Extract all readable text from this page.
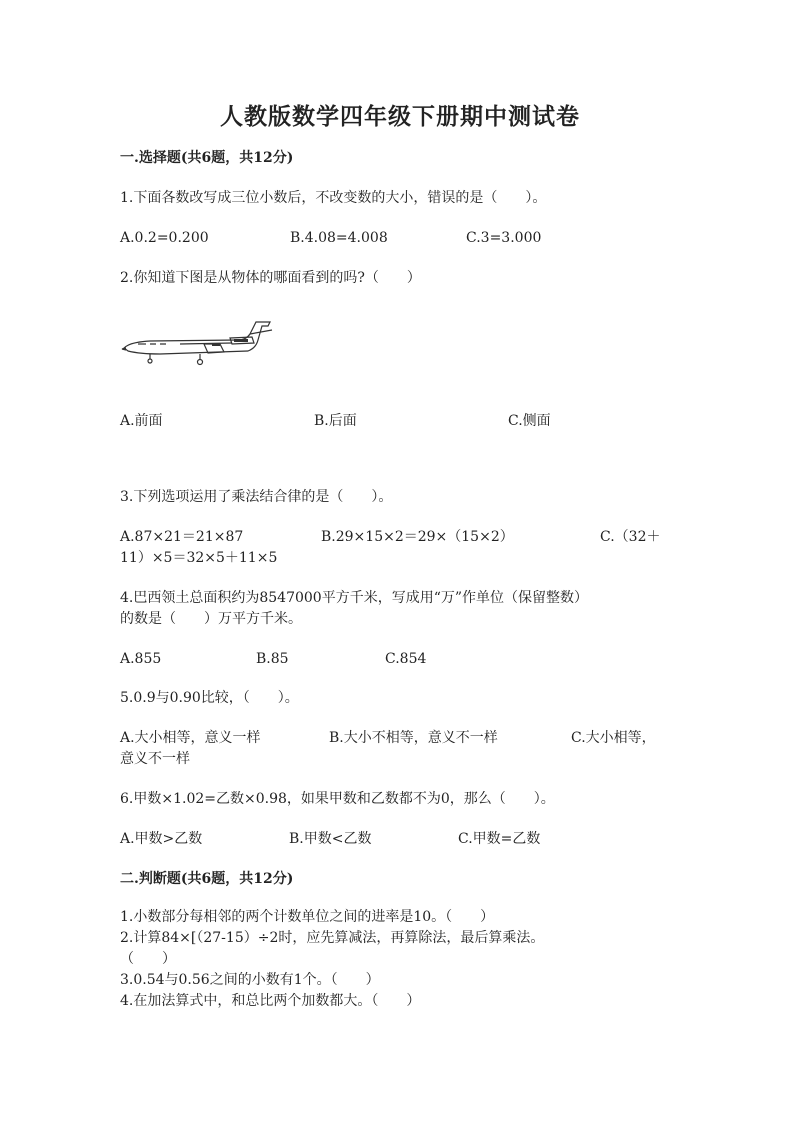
人教版数学四年级下册期中测试卷
一.选择题(共6题，共12分)
1.下面各数改写成三位小数后，不改变数的大小，错误的是（　　）。
A.0.2=0.200	B.4.08=4.008	C.3=3.000
2.你知道下图是从物体的哪面看到的吗?（　　）
A.前面	B.后面	C.侧面
3.下列选项运用了乘法结合律的是（　　）。
A.87×21＝21×87	B.29×15×2＝29×（15×2）	C.（32＋
11）×5＝32×5＋11×5
4.巴西领土总面积约为8547000平方千米，写成用“万”作单位（保留整数）
的数是（　　）万平方千米。
A.855	B.85	C.854
5.0.9与0.90比较，（　　）。
A.大小相等，意义一样	B.大小不相等，意义不一样	C.大小相等，
意义不一样
6.甲数×1.02=乙数×0.98，如果甲数和乙数都不为0，那么（　　）。
A.甲数>乙数	B.甲数<乙数	C.甲数=乙数
二.判断题(共6题，共12分)
1.小数部分每相邻的两个计数单位之间的进率是10。（　　）
2.计算84×[（27-15）÷2时，应先算减法，再算除法，最后算乘法。
（　　）
3.0.54与0.56之间的小数有1个。（　　）
4.在加法算式中，和总比两个加数都大。（　　）
